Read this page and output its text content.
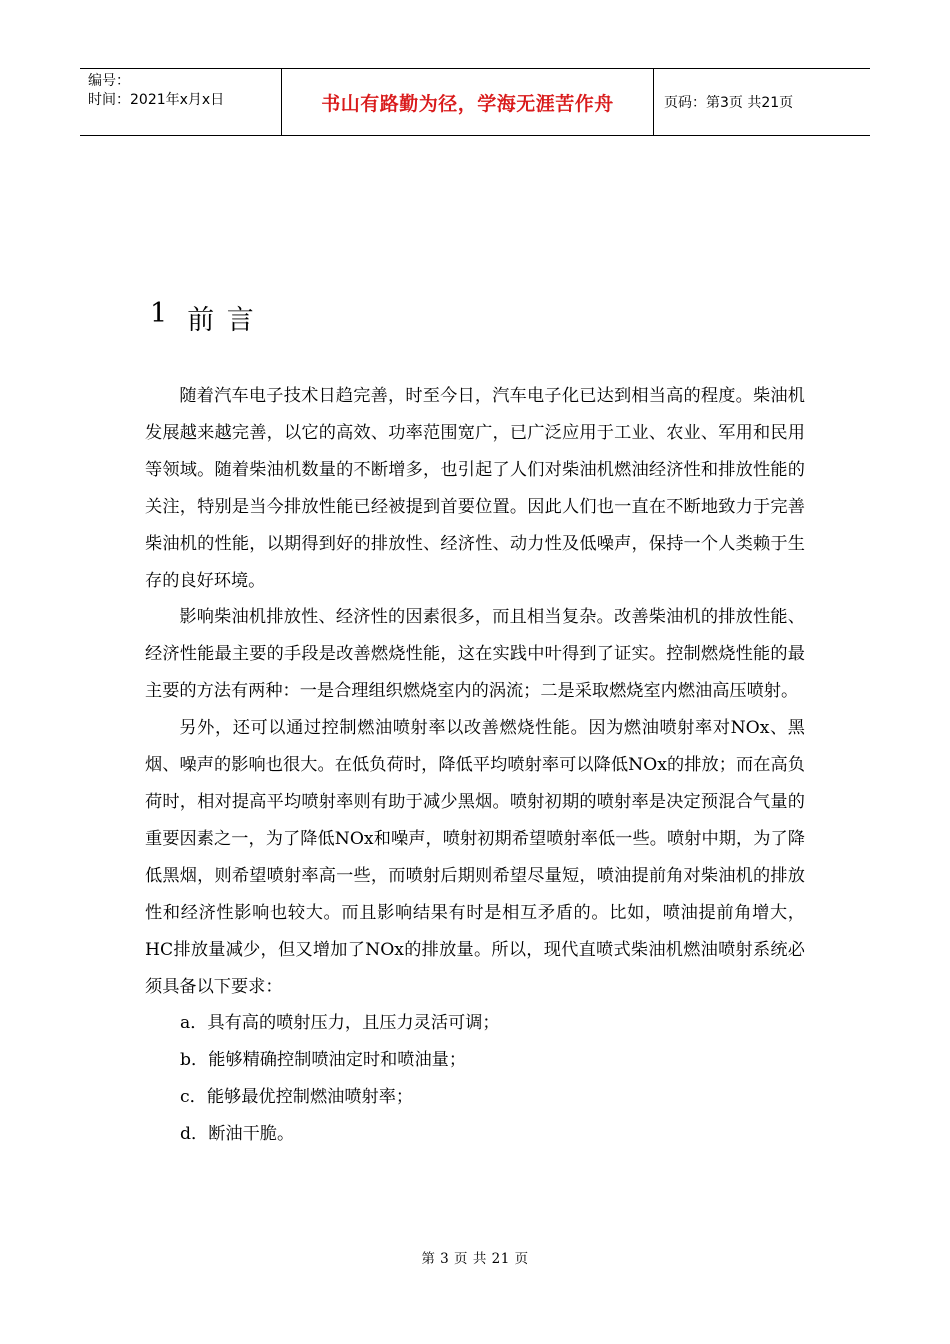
编号：
时间：2021年x月x日	书山有路勤为径，学海无涯苦作舟	页码：第3页 共21页
1 前 言

随着汽车电子技术日趋完善，时至今日，汽车电子化已达到相当高的程度。柴油机发展越来越完善，以它的高效、功率范围宽广，已广泛应用于工业、农业、军用和民用等领域。随着柴油机数量的不断增多，也引起了人们对柴油机燃油经济性和排放性能的关注，特别是当今排放性能已经被提到首要位置。因此人们也一直在不断地致力于完善柴油机的性能，以期得到好的排放性、经济性、动力性及低噪声，保持一个人类赖于生存的良好环境。

影响柴油机排放性、经济性的因素很多，而且相当复杂。改善柴油机的排放性能、经济性能最主要的手段是改善燃烧性能，这在实践中叶得到了证实。控制燃烧性能的最主要的方法有两种：一是合理组织燃烧室内的涡流；二是采取燃烧室内燃油高压喷射。

另外，还可以通过控制燃油喷射率以改善燃烧性能。因为燃油喷射率对NOx、黑烟、噪声的影响也很大。在低负荷时，降低平均喷射率可以降低NOx的排放；而在高负荷时，相对提高平均喷射率则有助于减少黑烟。喷射初期的喷射率是决定预混合气量的重要因素之一，为了降低NOx和噪声，喷射初期希望喷射率低一些。喷射中期，为了降低黑烟，则希望喷射率高一些，而喷射后期则希望尽量短，喷油提前角对柴油机的排放性和经济性影响也较大。而且影响结果有时是相互矛盾的。比如，喷油提前角增大，HC排放量减少，但又增加了NOx的排放量。所以，现代直喷式柴油机燃油喷射系统必须具备以下要求：

a．具有高的喷射压力，且压力灵活可调；

b．能够精确控制喷油定时和喷油量；

c．能够最优控制燃油喷射率；

d．断油干脆。

第 3 页 共 21 页
